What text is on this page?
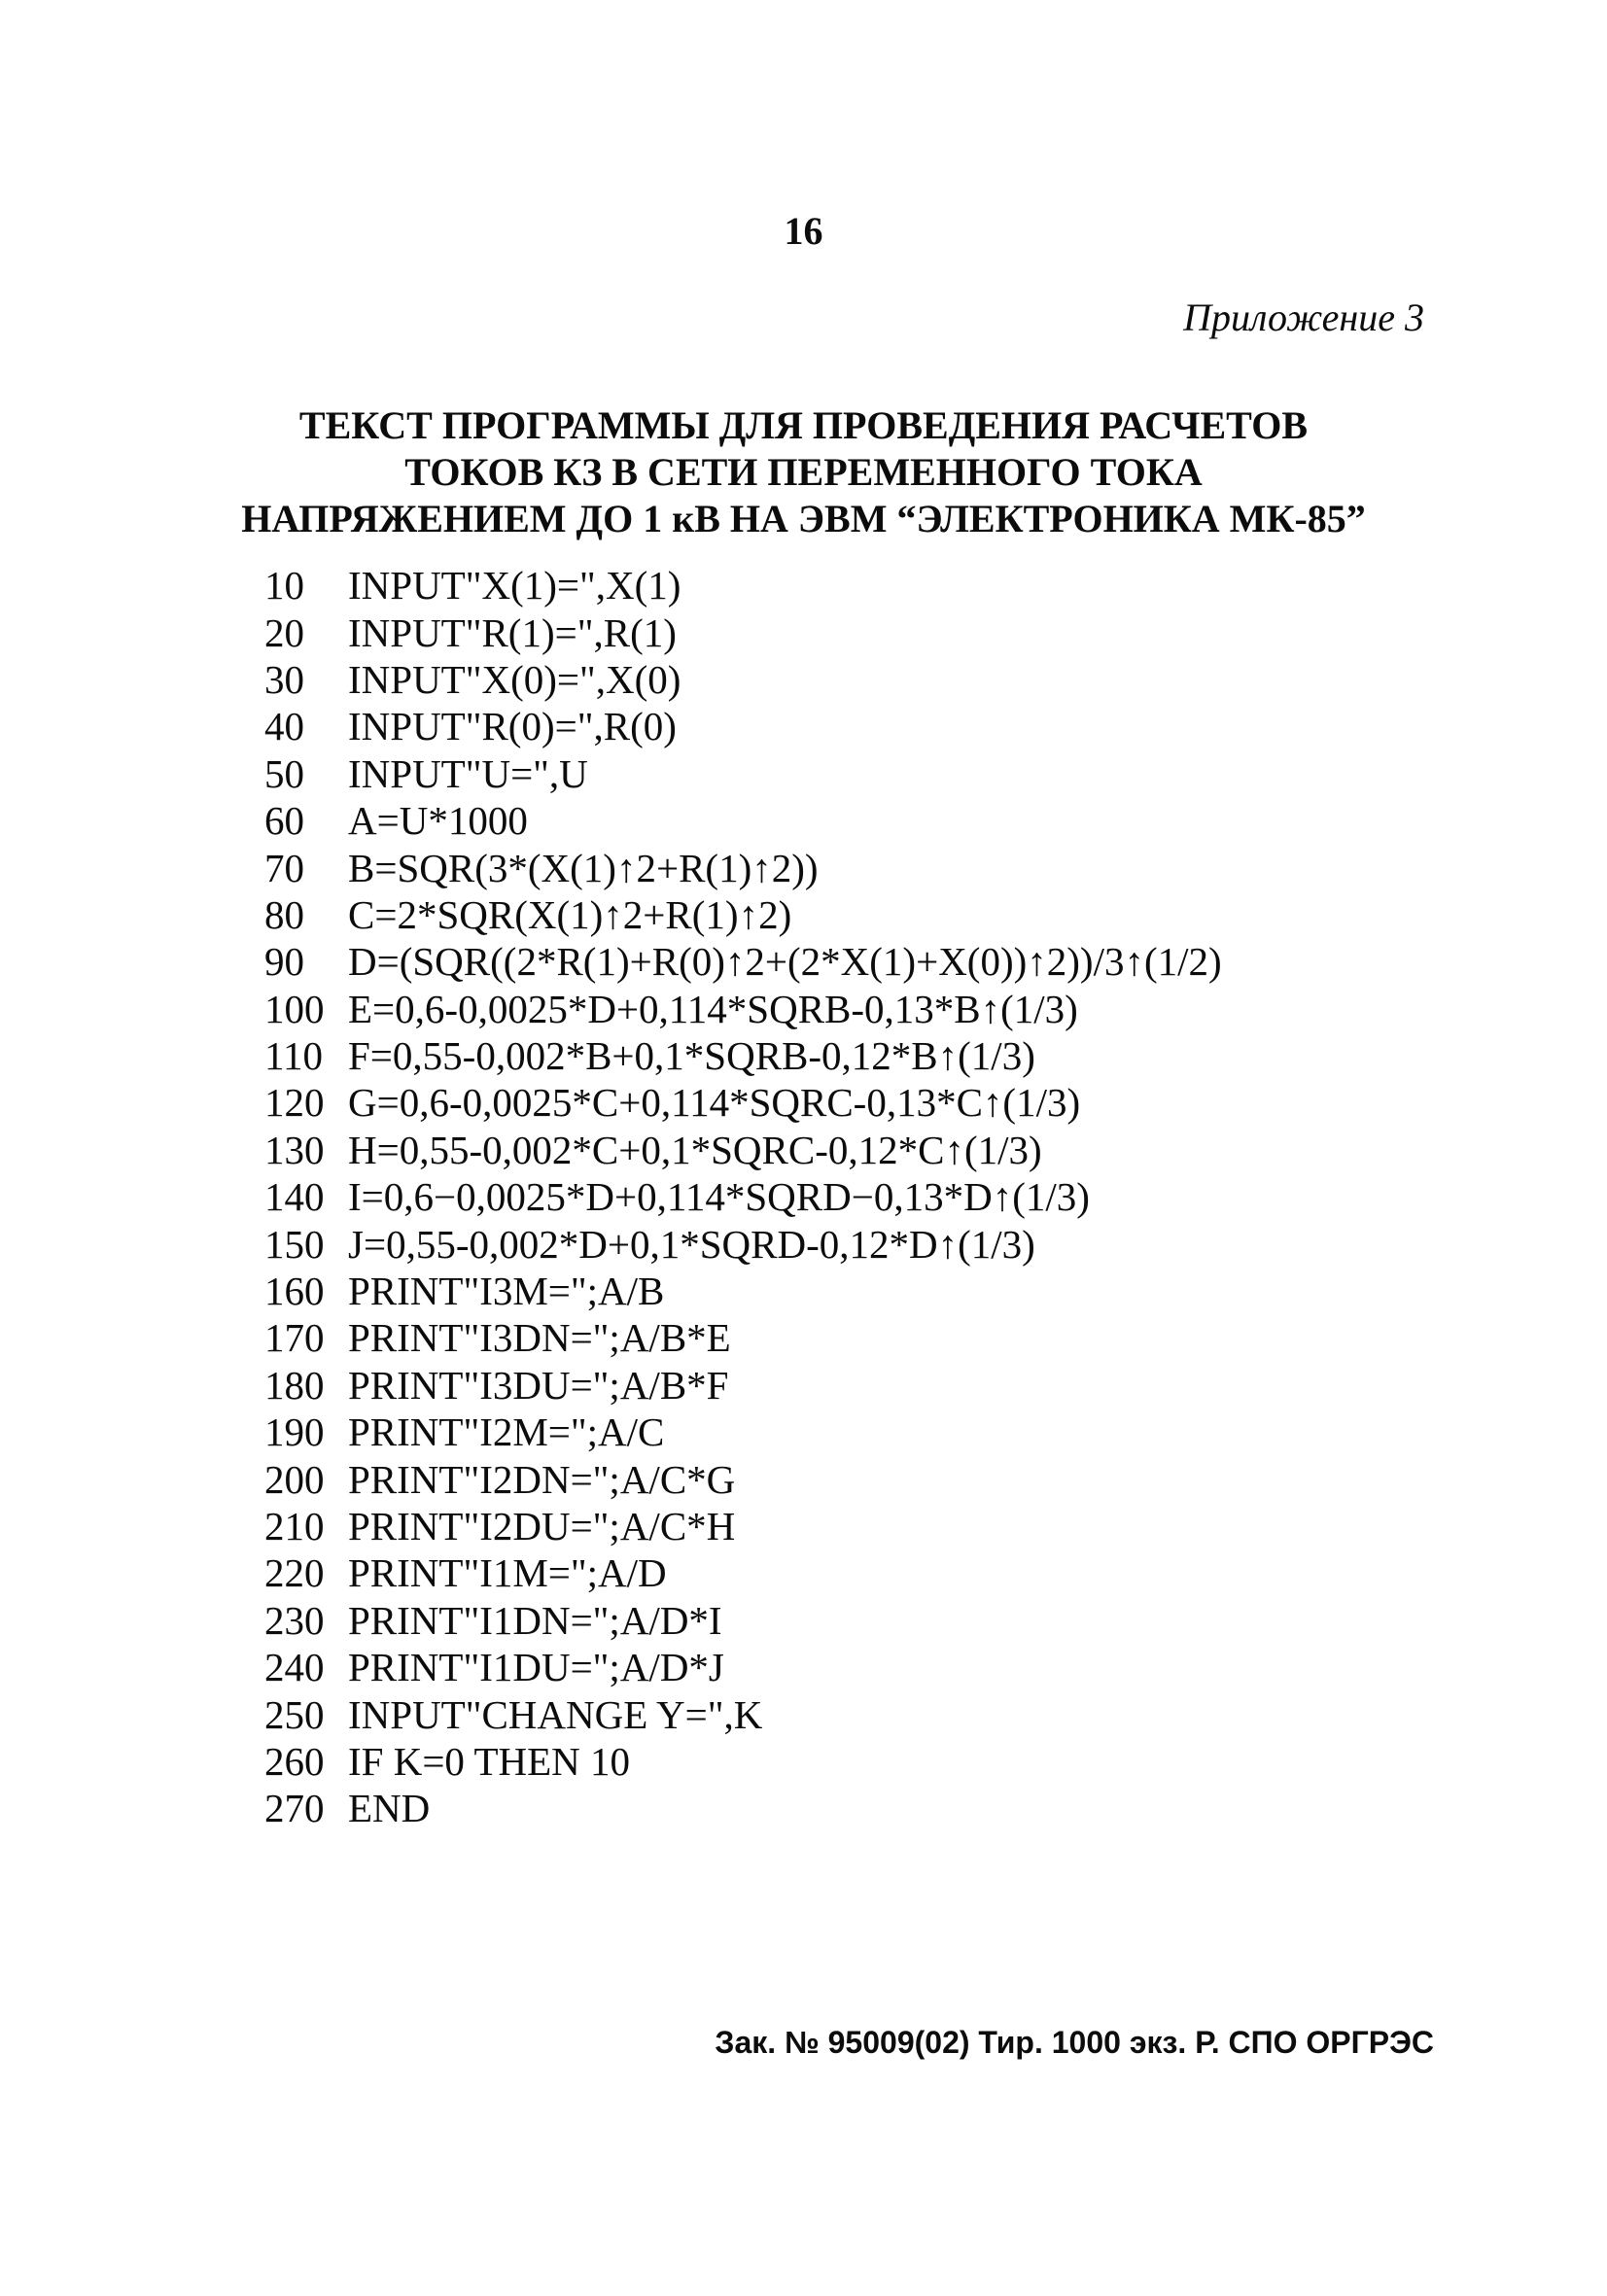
16
Приложение 3
ТЕКСТ ПРОГРАММЫ ДЛЯ ПРОВЕДЕНИЯ РАСЧЕТОВ
ТОКОВ КЗ В СЕТИ ПЕРЕМЕННОГО ТОКА
НАПРЯЖЕНИЕМ ДО 1 кВ НА ЭВМ “ЭЛЕКТРОНИКА МК-85”
10	INPUT"X(1)=",X(1)
20	INPUT"R(1)=",R(1)
30	INPUT"X(0)=",X(0)
40	INPUT"R(0)=",R(0)
50	INPUT"U=",U
60	A=U*1000
70	B=SQR(3*(X(1)↑2+R(1)↑2))
80	C=2*SQR(X(1)↑2+R(1)↑2)
90	D=(SQR((2*R(1)+R(0)↑2+(2*X(1)+X(0))↑2))/3↑(1/2)
100 E=0,6-0,0025*D+0,114*SQRB-0,13*B↑(1/3)
110 F=0,55-0,002*B+0,1*SQRB-0,12*B↑(1/3)
120 G=0,6-0,0025*C+0,114*SQRC-0,13*C↑(1/3)
130 H=0,55-0,002*C+0,1*SQRC-0,12*C↑(1/3)
140 I=0,6−0,0025*D+0,114*SQRD−0,13*D↑(1/3)
150 J=0,55-0,002*D+0,1*SQRD-0,12*D↑(1/3)
160 PRINT"I3M=";A/B
170 PRINT"I3DN=";A/B*E
180 PRINT"I3DU=";A/B*F
190 PRINT"I2M=";A/C
200 PRINT"I2DN=";A/C*G
210 PRINT"I2DU=";A/C*H
220 PRINT"I1M=";A/D
230 PRINT"I1DN=";A/D*I
240 PRINT"I1DU=";A/D*J
250 INPUT"CHANGE Y=",K
260 IF K=0 THEN 10
270 END
Зак. № 95009(02) Тир. 1000 экз. Р. СПО ОРГРЭС
